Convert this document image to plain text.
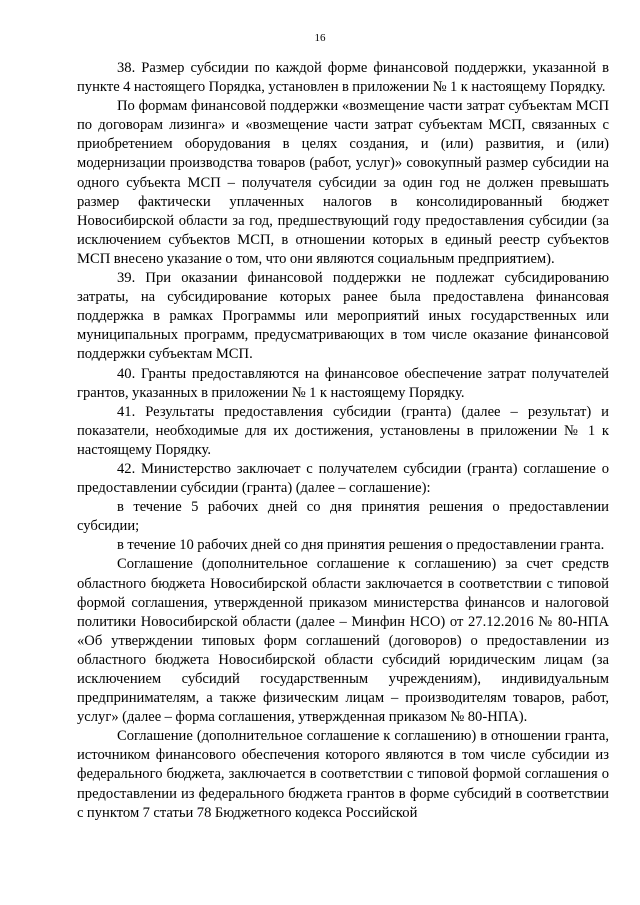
16

38. Размер субсидии по каждой форме финансовой поддержки, указанной в пункте 4 настоящего Порядка, установлен в приложении № 1 к настоящему Порядку.

По формам финансовой поддержки «возмещение части затрат субъектам МСП по договорам лизинга» и «возмещение части затрат субъектам МСП, связанных с приобретением оборудования в целях создания, и (или) развития, и (или) модернизации производства товаров (работ, услуг)» совокупный размер субсидии на одного субъекта МСП – получателя субсидии за один год не должен превышать размер фактически уплаченных налогов в консолидированный бюджет Новосибирской области за год, предшествующий году предоставления субсидии (за исключением субъектов МСП, в отношении которых в единый реестр субъектов МСП внесено указание о том, что они являются социальным предприятием).

39. При оказании финансовой поддержки не подлежат субсидированию затраты, на субсидирование которых ранее была предоставлена финансовая поддержка в рамках Программы или мероприятий иных государственных или муниципальных программ, предусматривающих в том числе оказание финансовой поддержки субъектам МСП.

40. Гранты предоставляются на финансовое обеспечение затрат получателей грантов, указанных в приложении № 1 к настоящему Порядку.

41. Результаты предоставления субсидии (гранта) (далее – результат) и показатели, необходимые для их достижения, установлены в приложении № 1 к настоящему Порядку.

42. Министерство заключает с получателем субсидии (гранта) соглашение о предоставлении субсидии (гранта) (далее – соглашение):

в течение 5 рабочих дней со дня принятия решения о предоставлении субсидии;

в течение 10 рабочих дней со дня принятия решения о предоставлении гранта.

Соглашение (дополнительное соглашение к соглашению) за счет средств областного бюджета Новосибирской области заключается в соответствии с типовой формой соглашения, утвержденной приказом министерства финансов и налоговой политики Новосибирской области (далее – Минфин НСО) от 27.12.2016 № 80-НПА «Об утверждении типовых форм соглашений (договоров) о предоставлении из областного бюджета Новосибирской области субсидий юридическим лицам (за исключением субсидий государственным учреждениям), индивидуальным предпринимателям, а также физическим лицам – производителям товаров, работ, услуг» (далее – форма соглашения, утвержденная приказом № 80-НПА).

Соглашение (дополнительное соглашение к соглашению) в отношении гранта, источником финансового обеспечения которого являются в том числе субсидии из федерального бюджета, заключается в соответствии с типовой формой соглашения о предоставлении из федерального бюджета грантов в форме субсидий в соответствии с пунктом 7 статьи 78 Бюджетного кодекса Российской
